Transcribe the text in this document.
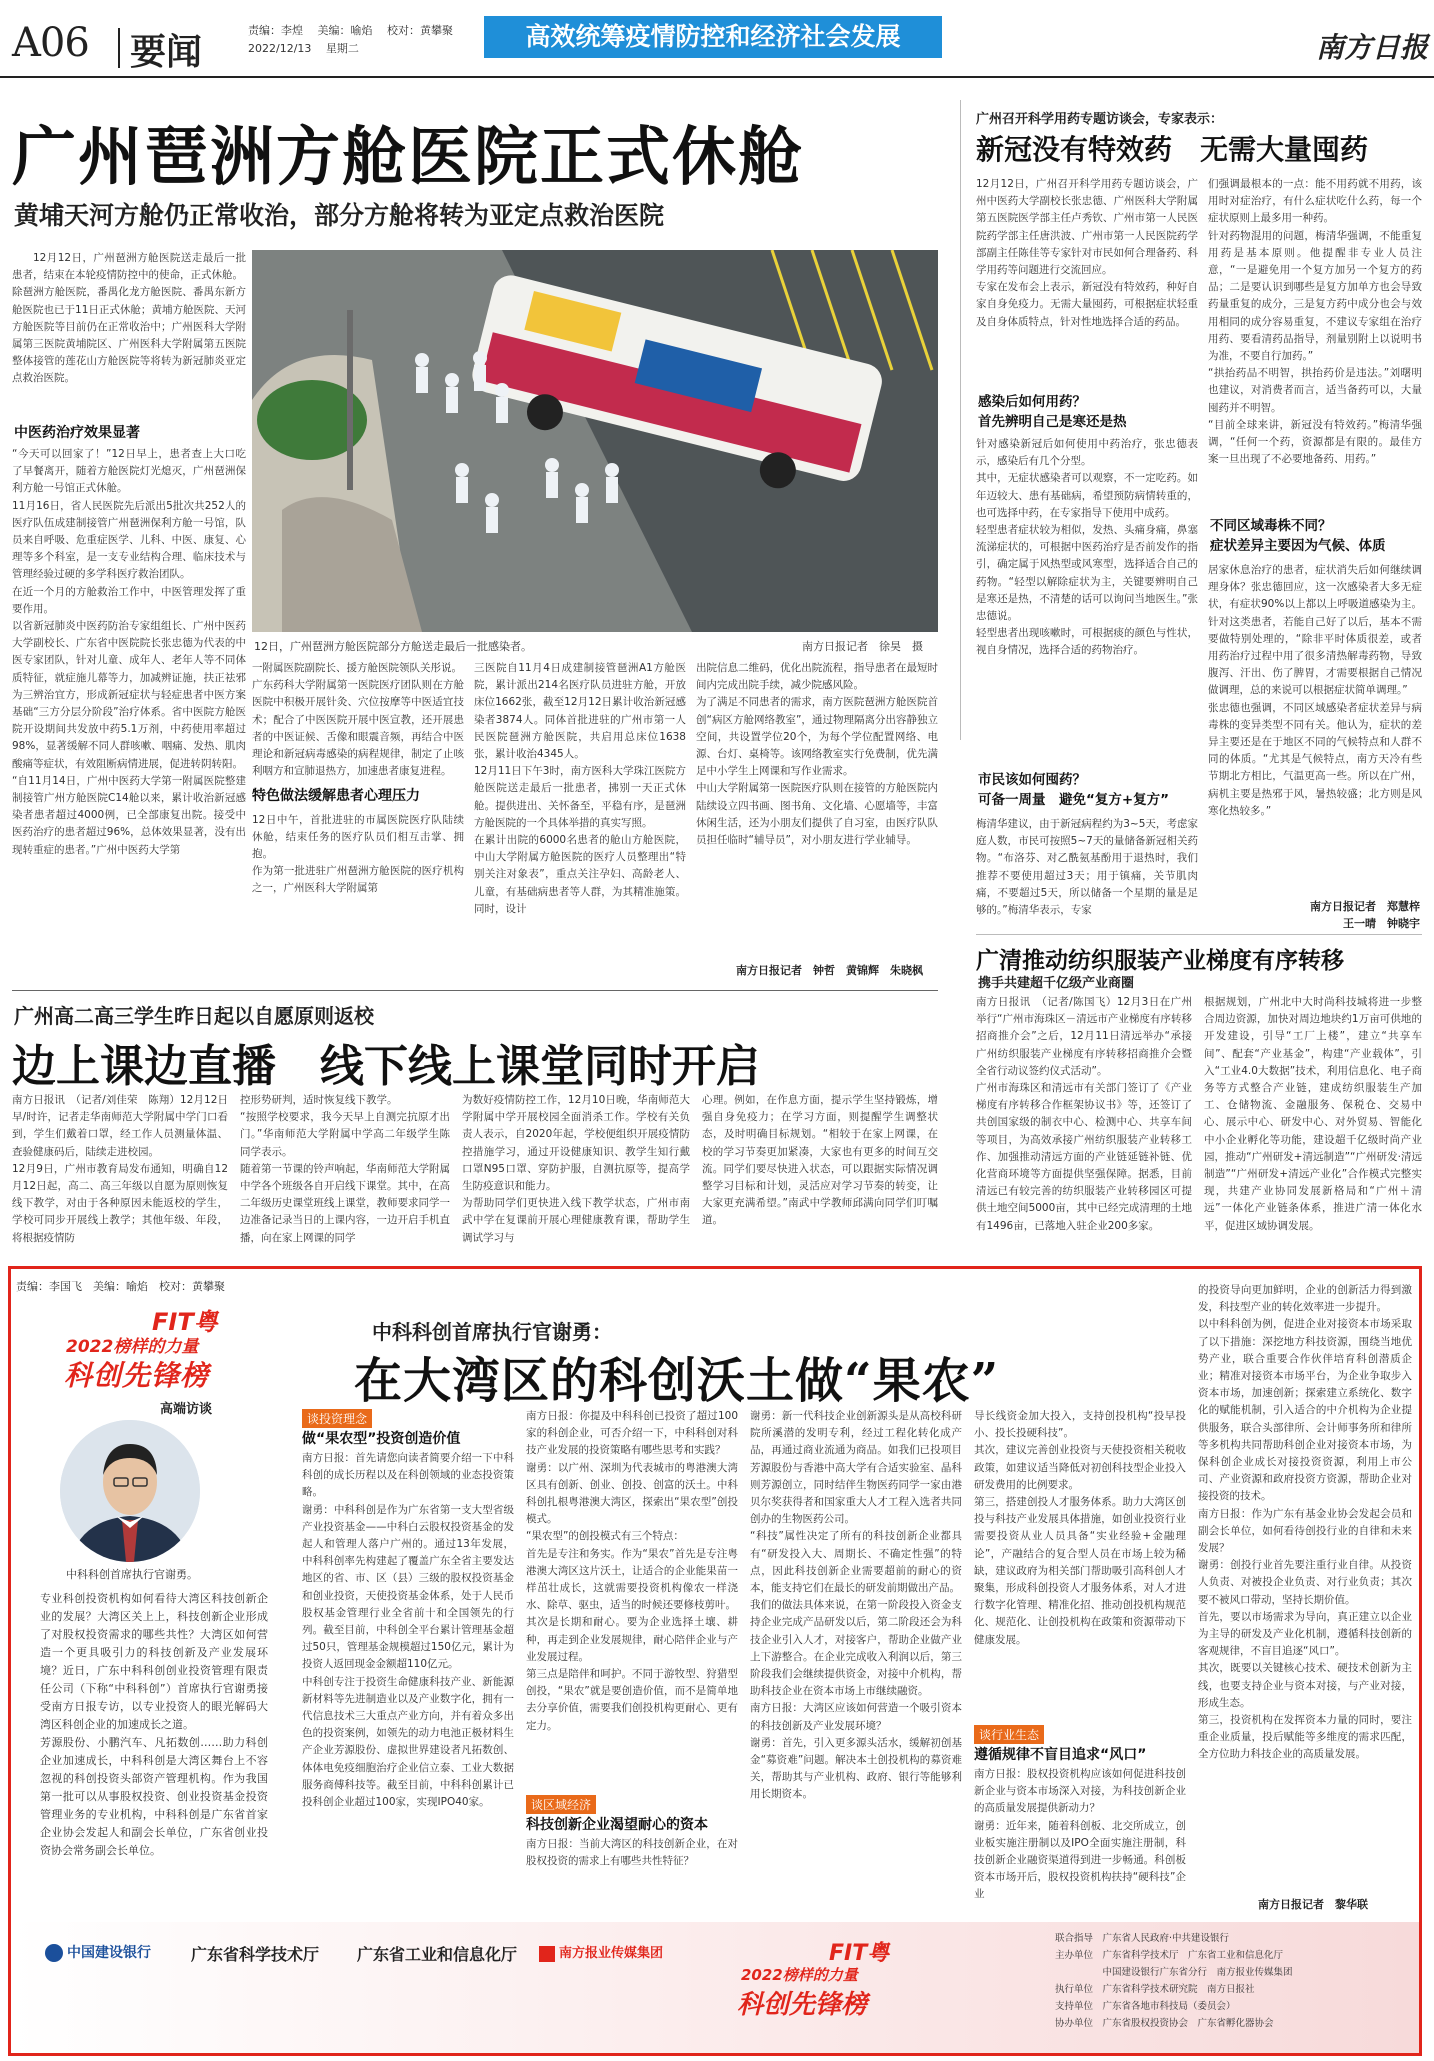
A06 要闻
责编：李煌　 美编：喻焰　 校对：黄攀聚
2022/12/13　 星期二	高效统筹疫情防控和经济社会发展	南方日报
广州琶洲方舱医院正式休舱
黄埔天河方舱仍正常收治，部分方舱将转为亚定点救治医院
12月12日，广州琶洲方舱医院送走最后一批患者，结束在本轮疫情防控中的使命，正式休舱。
除琶洲方舱医院，番禺化龙方舱医院、番禺东新方舱医院也已于11日正式休舱；黄埔方舱医院、天河方舱医院等目前仍在正常收治中；广州医科大学附属第三医院黄埔院区、广州医科大学附属第五医院整体接管的莲花山方舱医院等将转为新冠肺炎亚定点救治医院。
中医药治疗效果显著
“今天可以回家了！”12日早上，患者查上大口吃了早餐离开，随着方舱医院灯光熄灭，广州琶洲保利方舱一号馆正式休舱。
11月16日，省人民医院先后派出5批次共252人的医疗队伍成建制接管广州琶洲保利方舱一号馆，队员来自呼吸、危重症医学、儿科、中医、康复、心理等多个科室，是一支专业结构合理、临床技术与管理经验过硬的多学科医疗救治团队。
在近一个月的方舱救治工作中，中医管理发挥了重要作用。
以省新冠肺炎中医药防治专家组组长、广州中医药大学副校长、广东省中医院院长张忠德为代表的中医专家团队，针对儿童、成年人、老年人等不同体质特征，就症施儿幕等力，加减辨证施，扶正祛邪为三辨治宜方，形成新冠症状与轻症患者中医方案基础“三方分层分阶段”治疗体系。省中医院方舱医院开设期间共发放中药5.1万剂，中药使用率超过98%，显著缓解不同人群咳嗽、咽痛、发热、肌肉酸痛等症状，有效阻断病情进展，促进转阴转阳。
“自11月14日，广州中医药大学第一附属医院整建制接管广州方舱医院C14舱以来，累计收治新冠感染者患者超过4000例，已全部康复出院。接受中医药治疗的患者超过96%，总体效果显著，没有出现转重症的患者。”广州中医药大学第
12日，广州琶洲方舱医院部分方舱送走最后一批感染者。	南方日报记者　徐昊　摄
一附属医院副院长、援方舱医院领队关彤说。
广东药科大学附属第一医院医疗团队则在方舱医院中积极开展针灸、穴位按摩等中医适宜技术；配合了中医医院开展中医宣教，还开展患者的中医证候、舌像和眼震音频，再结合中医理论和新冠病毒感染的病程规律，制定了止咳利咽方和宣肺退热方，加速患者康复进程。
特色做法缓解患者心理压力
12日中午，首批进驻的市属医院医疗队陆续休舱，结束任务的医疗队员们相互击掌、拥抱。
作为第一批进驻广州琶洲方舱医院的医疗机构之一，广州医科大学附属第
三医院自11月4日成建制接管琶洲A1方舱医院，累计派出214名医疗队员进驻方舱，开放床位1662张，截至12月12日累计收治新冠感染者3874人。同体首批进驻的广州市第一人民医院琶洲方舱医院，共启用总床位1638张，累计收治4345人。
12月11日下午3时，南方医科大学珠江医院方舱医院送走最后一批患者，拂别一天正式休舱。提供进出、关怀备至，平稳有序，是琶洲方舱医院的一个具体举措的真实写照。
在累计出院的6000名患者的舱山方舱医院，中山大学附属方舱医院的医疗人员整理出“特别关注对象表”，重点关注孕妇、高龄老人、儿童，有基础病患者等人群，为其精准施策。同时，设计
出院信息二维码，优化出院流程，指导患者在最短时间内完成出院手续，减少院感风险。
为了满足不同患者的需求，南方医院琶洲方舱医院首创“病区方舱网络教室”，通过物理隔离分出容静独立空间，共设置学位20个，为每个学位配置网络、电源、台灯、桌椅等。该网络教室实行免费制，优先满足中小学生上网课和写作业需求。
中山大学附属第一医院医疗队则在接管的方舱医院内陆续设立四书画、图书角、文化墙、心愿墙等，丰富休闲生活，还为小朋友们提供了自习室，由医疗队队员担任临时“辅导员”，对小朋友进行学业辅导。
南方日报记者　钟哲　黄锦辉　朱晓枫
广州召开科学用药专题访谈会，专家表示：
新冠没有特效药　无需大量囤药
12月12日，广州召开科学用药专题访谈会，广州中医药大学副校长张忠德、广州医科大学附属第五医院医学部主任卢秀钦、广州市第一人民医院药学部主任唐洪波、广州市第一人民医院药学部副主任陈佳等专家针对市民如何合理备药、科学用药等问题进行交流回应。
专家在发布会上表示，新冠没有特效药，种好自家自身免疫力。无需大量囤药，可根据症状轻重及自身体质特点，针对性地选择合适的药品。
感染后如何用药？
首先辨明自己是寒还是热
针对感染新冠后如何使用中药治疗，张忠德表示，感染后有几个分型。
其中，无症状感染者可以观察，不一定吃药。如年迈较大、患有基础病，希望预防病情转重的，也可选择中药，在专家指导下使用中成药。
轻型患者症状较为相似，发热、头痛身痛，鼻塞流涕症状的，可根据中医药治疗是否前发作的指引，确定属于风热型或风寒型，选择适合自己的药物。“轻型以解除症状为主，关键要辨明自己是寒还是热，不清楚的话可以询问当地医生。”张忠德说。
轻型患者出现咳嗽时，可根据痰的颜色与性状，视自身情况，选择合适的药物治疗。
市民该如何囤药？
可备一周量　避免“复方+复方”
梅清华建议，由于新冠病程约为3~5天，考虑家庭人数，市民可按照5~7天的量储备新冠相关药物。“布洛芬、对乙酰氨基酚用于退热时，我们推荐不要使用超过3天；用于镇痛，关节肌肉痛，不要超过5天，所以储备一个星期的量是足够的。”梅清华表示，专家
们强调最根本的一点：能不用药就不用药，该用时对症治疗，有什么症状吃什么药，每一个症状原则上最多用一种药。
针对药物混用的问题，梅清华强调，不能重复用药是基本原则。他提醒非专业人员注意，“一是避免用一个复方加另一个复方的药品；二是要认识到哪些是复方加单方也会导致药量重复的成分，三是复方药中成分也会与效用相同的成分容易重复，不建议专家组在治疗用药、要看清药品指导，剂量别附上以说明书为准，不要自行加药。”
“拱抬药品不明智，拱抬药价是违法。”刘曙明也建议，对消费者而言，适当备药可以，大量囤药并不明智。
“目前全球来讲，新冠没有特效药。”梅清华强调，“任何一个药，资源都是有限的。最佳方案一旦出现了不必要地备药、用药。”
不同区域毒株不同？
症状差异主要因为气候、体质
居家休息治疗的患者，症状消失后如何继续调理身体？张忠德回应，这一次感染者大多无症状，有症状90%以上都以上呼吸道感染为主。针对这类患者，若能自己好了以后，基本不需要做特别处理的，“除非平时体质很差，或者用药治疗过程中用了很多清热解毒药物，导致腹泻、汗出、伤了脾胃，才需要根据自己情况做调理，总的来说可以根据症状简单调理。”
张忠德也强调，不同区域感染者症状差异与病毒株的变异类型不同有关。他认为，症状的差异主要还是在于地区不同的气候特点和人群不同的体质。“尤其是气候特点，南方天冷有些节期北方相比，气温更高一些。所以在广州，病机主要是热邪于风，暑热较盛；北方则是风寒化热较多。”
南方日报记者　郑慧梓
王一晴　钟晓宇
广清推动纺织服装产业梯度有序转移
携手共建超千亿级产业商圈
南方日报讯　（记者/陈国飞）12月3日在广州举行“广州市海珠区－清远市产业梯度有序转移招商推介会”之后，12月11日清远举办“承接广州纺织服装产业梯度有序转移招商推介会暨全省行动议签约仪式活动”。
广州市海珠区和清远市有关部门签订了《产业梯度有序转移合作框架协议书》等，还签订了共创国家级的制衣中心、检测中心、共享车间等项目，为高效承接广州纺织服装产业转移工作、加强推动清远方面的产业链延链补链、优化营商环境等方面提供坚强保障。据悉，目前清远已有较完善的纺织服装产业转移园区可提供土地空间5000亩，其中已经完成清理的土地有1496亩，已落地入驻企业200多家。
根据规划，广州北中大时尚科技城将进一步整合周边资源，加快对周边地块约1万亩可供地的开发建设，引导“工厂上楼”，建立“共享车间”、配套“产业基金”，构建“产业载体”，引入“工业4.0大数据”技术，利用信息化、电子商务等方式整合产业链，建成纺织服装生产加工、仓储物流、金融服务、保税仓、交易中心、展示中心、研发中心、对外贸易、智能化中小企业孵化等功能，建设超千亿级时尚产业园，推动“广州研发+清远制造”“广州研发·清远制造”“广州研发+清远产业化”合作模式完整实现，共建产业协同发展新格局和“广州＋清远”一体化产业链条体系，推进广清一体化水平，促进区域协调发展。
广州高二高三学生昨日起以自愿原则返校
边上课边直播　线下线上课堂同时开启
南方日报讯　（记者/刘佳荣　陈翔）12月12日早/时许，记者走华南师范大学附属中学门口看到，学生们戴着口罩，经工作人员测量体温、查验健康码后，陆续走进校园。
12月9日，广州市教育局发布通知，明确自12月12日起，高二、高三年级以自愿为原则恢复线下教学，对由于各种原因未能返校的学生，学校可同步开展线上教学；其他年级、年段，将根据疫情防
控形势研判，适时恢复线下教学。
“按照学校要求，我今天早上自测完抗原才出门。”华南师范大学附属中学高二年级学生陈同学表示。
随着第一节课的铃声响起，华南师范大学附属中学各个班级各自开启线下课堂。其中，在高二年级历史课堂班线上课堂，教师要求同学一边准备记录当日的上课内容，一边开启手机直播，向在家上网课的同学
为数好疫情防控工作，12月10日晚，华南师范大学附属中学开展校园全面消杀工作。学校有关负责人表示，自2020年起，学校便组织开展疫情防控措施学习，通过开设健康知识、教学生知行戴口罩N95口罩、穿防护服，自测抗原等，提高学生防疫意识和能力。
为帮助同学们更快进入线下教学状态，广州市南武中学在复课前开展心理健康教育课，帮助学生调试学习与
心理。例如，在作息方面，提示学生坚持锻炼，增强自身免疫力；在学习方面，则提醒学生调整状态，及时明确目标规划。“相较于在家上网课，在校的学习节奏更加紧凑，大家也有更多的时间互交流。同学们要尽快进入状态，可以跟据实际情况调整学习目标和计划，灵活应对学习节奏的转变，让大家更充满希望。”南武中学教师邱满向同学们叮嘱道。
责编：李国飞　美编：喻焰　校对：黄攀聚
FIT粤
2022榜样的力量
科创先锋榜
高端访谈
中科科创首席执行官谢勇。
专业科创投资机构如何看待大湾区科技创新企业的发展？大湾区关上上，科技创新企业形成了对股权投资需求的哪些共性？大湾区如何营造一个更具吸引力的科技创新及产业发展环境？近日，广东中科科创创业投资管理有限责任公司（下称“中科科创”）首席执行官谢勇接受南方日报专访，以专业投资人的眼光解码大湾区科创企业的加速成长之道。
芳源股份、小鹏汽车、凡拓数创……助力科创企业加速成长，中科科创是大湾区舞台上不容忽视的科创投资头部资产管理机构。作为我国第一批可以从事股权投资、创业投资基金投资管理业务的专业机构，中科科创是广东省首家企业协会发起人和副会长单位，广东省创业投资协会常务副会长单位。
中科科创首席执行官谢勇：
在大湾区的科创沃土做“果农”
谈投资理念
做“果农型”投资创造价值
南方日报：首先请您向读者简要介绍一下中科科创的成长历程以及在科创领域的业态投资策略。
谢勇：中科科创是作为广东省第一支大型省级产业投资基金——中科白云股权投资基金的发起人和管理人落户广州的。通过13年发展，中科科创率先构建起了覆盖广东全省主要发达地区的省、市、区（县）三级的股权投资基金和创业投资，天使投资基金体系，处于人民币股权基金管理行业全省前十和全国领先的行列。截至目前，中科创全平台累计管理基金超过50只，管理基金规模超过150亿元，累计为投资人返回现金金额超110亿元。
中科创专注于投资生命健康科技产业、新能源新材料等先进制造业以及产业数字化，拥有一代信息技术三大重点产业方向，并有着众多出色的投资案例，如领先的动力电池正极材料生产企业芳源股份、虚拟世界建设者凡拓数创、体体电免疫细胞治疗企业信立泰、工业大数据服务商傅科技等。截至目前，中科科创累计已投科创企业超过100家，实现IPO40家。
南方日报：你提及中科科创已投资了超过100家的科创企业，可否介绍一下，中科科创对科技产业发展的投资策略有哪些思考和实践？
谢勇：以广州、深圳为代表城市的粤港澳大湾区具有创新、创业、创投、创富的沃土。中科科创扎根粤港澳大湾区，探索出“果农型”创投模式。
“果农型”的创投模式有三个特点：
首先是专注和务实。作为“果农”首先是专注粤港澳大湾区这片沃土，让适合的企业能果苗一样茁壮成长，这就需要投资机构像农一样浇水、除草、驱虫，适当的时候还要修枝剪叶。
其次是长期和耐心。要为企业选择土壤、耕种，再走到企业发展规律，耐心陪伴企业与产业发展过程。
第三点是陪伴和呵护。不同于游牧型、狩猎型创投，“果农”就是要创造价值，而不是简单地去分享价值，需要我们创投机构更耐心、更有定力。
谈区域经济
科技创新企业渴望耐心的资本
南方日报：当前大湾区的科技创新企业，在对股权投资的需求上有哪些共性特征？
谢勇：新一代科技企业创新源头是从高校科研院所溪潜的发明专利，经过工程化转化成产品，再通过商业流通为商品。如我们已投项目芳源股份与香港中高大学有合适实验室、晶科则芳源创立，同时结伴生物医药同学一家由港贝尔奖获得者和国家重大人才工程入选者共同创办的生物医药公司。
“科技”属性决定了所有的科技创新企业都具有“研发投入大、周期长、不确定性强”的特点，因此科技创新企业需要超前的耐心的资本，能支持它们在最长的研发前期做出产品。
我们的做法具体来说，在第一阶段投入资金支持企业完成产品研发以后，第二阶段还会为科技企业引入人才，对接客户，帮助企业做产业上下游整合。在企业完成收入利润以后，第三阶段我们会继续提供资金，对接中介机构，帮助科技企业在资本市场上市继续融资。
南方日报：大湾区应该如何营造一个吸引资本的科技创新及产业发展环境？
谢勇：首先，引入更多源头活水，缓解初创基金“募资难”问题。解决本土创投机构的募资难关，帮助其与产业机构、政府、银行等能够利用长期资本。
导长线资金加大投入，支持创投机构“投早投小、投长投硬科技”。
其次，建议完善创业投资与天使投资相关税收政策，如建议适当降低对初创科技型企业投入研发费用的比例要求。
第三，搭建创投人才服务体系。助力大湾区创投与科技产业发展具体措施，如创业投资行业需要投资从业人员具备“实业经验+金融理论”，产融结合的复合型人员在市场上较为稀缺，建议政府为相关部门帮助吸引高科创人才聚集，形成科创投资人才服务体系，对人才进行数字化管理、精准化招、推动创投机构规范化、规范化、让创投机构在政策和资源带动下健康发展。
谈行业生态
遵循规律不盲目追求“风口”
南方日报：股权投资机构应该如何促进科技创新企业与资本市场深入对接，为科技创新企业的高质量发展提供新动力？
谢勇：近年来，随着科创板、北交所成立，创业板实施注册制以及IPO全面实施注册制，科技创新企业融资渠道得到进一步畅通。科创板资本市场开后，股权投资机构扶持“硬科技”企业
的投资导向更加鲜明，企业的创新活力得到激发，科技型产业的转化效率进一步提升。
以中科科创为例，促进企业对接资本市场采取了以下措施：深挖地方科技资源，围绕当地优势产业，联合重要合作伙伴培育科创潜质企业；精准对接资本市场平台，为企业争取步入资本市场，加速创新；探索建立系统化、数字化的赋能机制，引入适合的中介机构为企业提供服务，联合头部律所、会计师事务所和律所等多机构共同帮助科创企业对接资本市场，为保科创企业成长对接投资资源，利用上市公司、产业资源和政府投资方资源，帮助企业对接投资的技术。
南方日报：作为广东有基金业协会发起会员和副会长单位，如何看待创投行业的自律和未来发展？
谢勇：创投行业首先要注重行业自律。从投资人负责、对被投企业负责、对行业负责；其次要不被风口带动，坚持长期价值。
首先，要以市场需求为导向，真正建立以企业为主导的研发及产业化机制，遵循科技创新的客观规律，不盲目追逐“风口”。
其次，既要以关键核心技术、硬技术创新为主线，也要支持企业与资本对接，与产业对接，形成生态。
第三，投资机构在发挥资本力量的同时，要注重企业质量，投后赋能等多维度的需求匹配，全方位助力科技企业的高质量发展。
南方日报记者　黎华联
中国建设银行	广东省科学技术厅 广东省工业和信息化厅	南方报业传媒集团	FIT粤
2022榜样的力量
科创先锋榜
联合指导　广东省人民政府·中共建设银行
主办单位　广东省科学技术厅　广东省工业和信息化厅
　　　　　中国建设银行广东省分行　南方报业传媒集团
执行单位　广东省科学技术研究院　南方日报社
支持单位　广东省各地市科技局（委员会）
协办单位　广东省股权投资协会　广东省孵化器协会
